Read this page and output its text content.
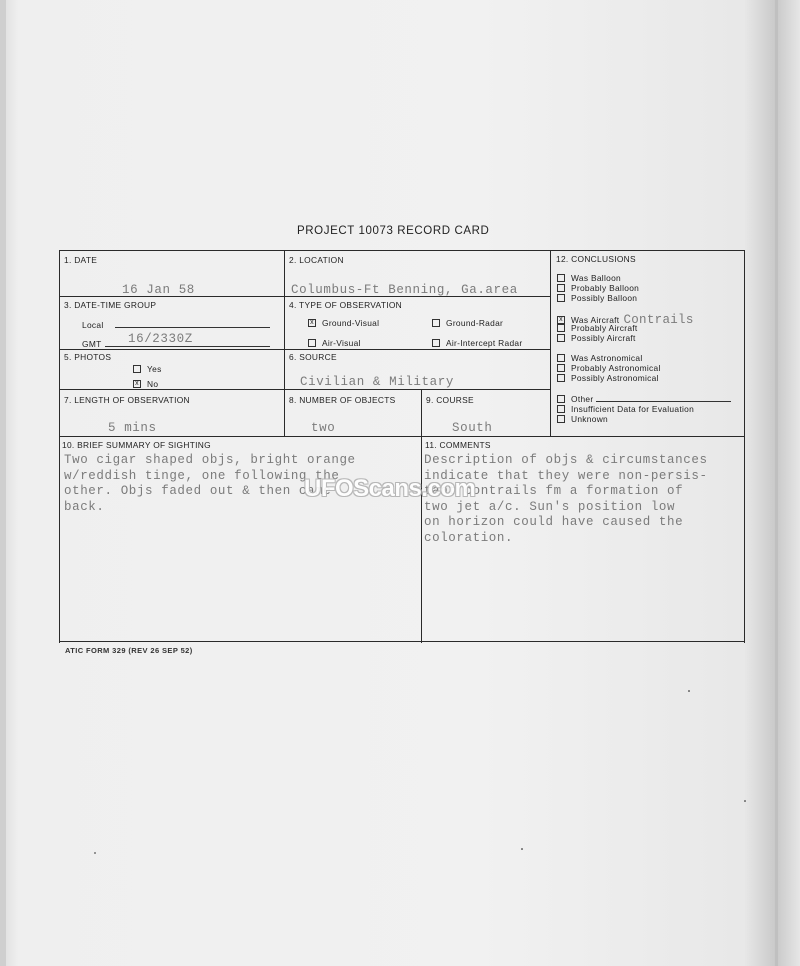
PROJECT 10073 RECORD CARD
1. DATE
16 Jan 58
2. LOCATION
Columbus-Ft Benning, Ga.area
3. DATE-TIME GROUP
Local
GMT 16/2330Z
4. TYPE OF OBSERVATION
x Ground-Visual	Ground-Radar
Air-Visual	Air-Intercept Radar
5. PHOTOS
Yes
x No
6. SOURCE
Civilian & Military
7. LENGTH OF OBSERVATION
5 mins
8. NUMBER OF OBJECTS
two
9. COURSE
South
12. CONCLUSIONS
Was Balloon
Probably Balloon
Possibly Balloon
x Was Aircraft Contrails
Probably Aircraft
Possibly Aircraft
Was Astronomical
Probably Astronomical
Possibly Astronomical
Other
Insufficient Data for Evaluation
Unknown
10. BRIEF SUMMARY OF SIGHTING
Two cigar shaped objs, bright orange
w/reddish tinge, one following the
other. Objs faded out & then came
back.
11. COMMENTS
Description of objs & circumstances
indicate that they were non-persis-
tant contrails fm a formation of
two jet a/c. Sun's position low
on horizon could have caused the
coloration.
UFOScans.com
ATIC FORM 329 (REV 26 SEP 52)
